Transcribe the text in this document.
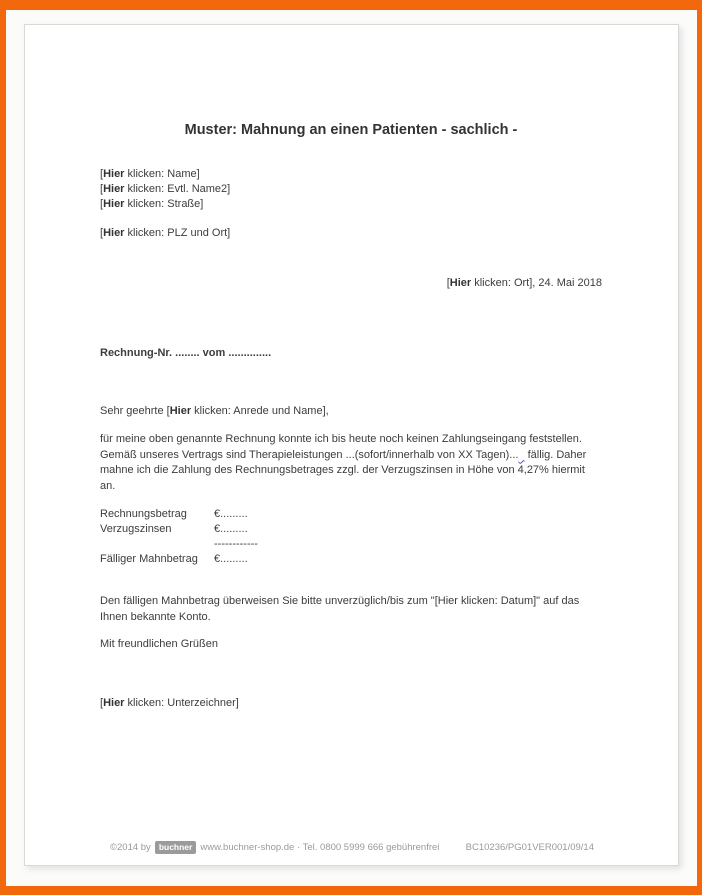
Muster: Mahnung an einen Patienten - sachlich -

[Hier klicken: Name]

[Hier klicken: Evtl. Name2]

[Hier klicken: Straße]

[Hier klicken: PLZ und Ort]

[Hier klicken: Ort], 24. Mai 2018

Rechnung-Nr. ........ vom ..............

Sehr geehrte [Hier klicken: Anrede und Name],

für meine oben genannte Rechnung konnte ich bis heute noch keinen Zahlungseingang feststellen. Gemäß unseres Vertrags sind Therapieleistungen ...(sofort/innerhalb von XX Tagen)...   fällig. Daher mahne ich die Zahlung des Rechnungsbetrages zzgl. der Verzugszinsen in Höhe von 4,27% hiermit an.

Rechnungsbetrag	€.........
Verzugszinsen	€.........
------------
Fälliger Mahnbetrag	€.........

Den fälligen Mahnbetrag überweisen Sie bitte unverzüglich/bis zum "[Hier klicken: Datum]" auf das Ihnen bekannte Konto.

Mit freundlichen Grüßen

[Hier klicken: Unterzeichner]

©2014 by buchner www.buchner-shop.de · Tel. 0800 5999 666 gebührenfrei	BC10236/PG01VER001/09/14
